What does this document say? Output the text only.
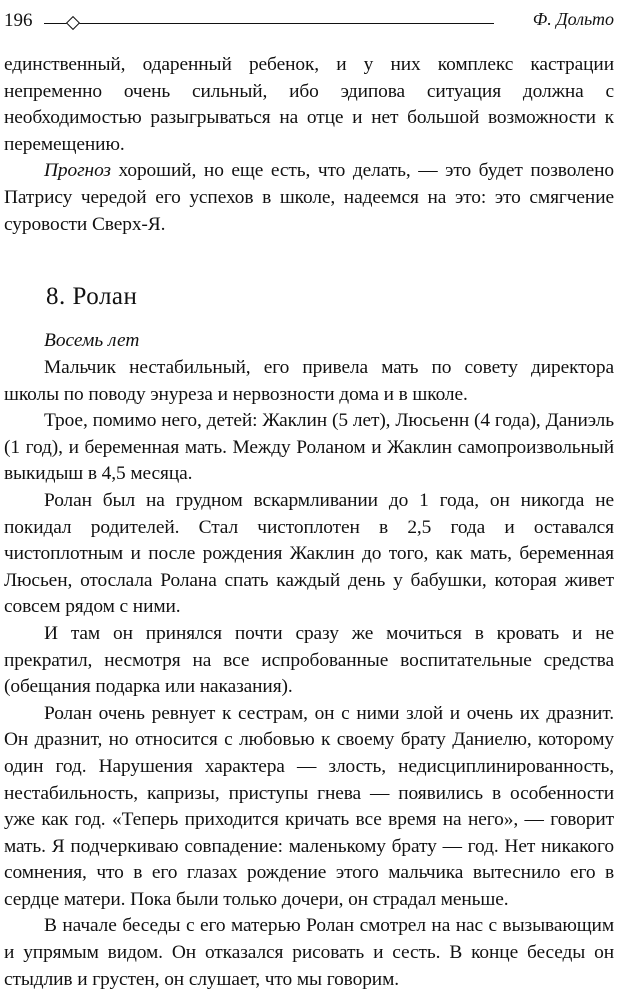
196	Ф. Дольто

единственный, одаренный ребенок, и у них комплекс кастрации непременно очень сильный, ибо эдипова ситуация должна с необходимостью разыгрываться на отце и нет большой возможности к перемещению.

Прогноз хороший, но еще есть, что делать, — это будет позволено Патрису чередой его успехов в школе, надеемся на это: это смягчение суровости Сверх-Я.

8. Ролан
Восемь лет

Мальчик нестабильный, его привела мать по совету директора школы по поводу энуреза и нервозности дома и в школе.

Трое, помимо него, детей: Жаклин (5 лет), Люсьенн (4 года), Даниэль (1 год), и беременная мать. Между Роланом и Жаклин самопроизвольный выкидыш в 4,5 месяца.

Ролан был на грудном вскармливании до 1 года, он никогда не покидал родителей. Стал чистоплотен в 2,5 года и оставался чистоплотным и после рождения Жаклин до того, как мать, беременная Люсьен, отослала Ролана спать каждый день у бабушки, которая живет совсем рядом с ними.

И там он принялся почти сразу же мочиться в кровать и не прекратил, несмотря на все испробованные воспитательные средства (обещания подарка или наказания).

Ролан очень ревнует к сестрам, он с ними злой и очень их дразнит. Он дразнит, но относится с любовью к своему брату Даниелю, которому один год. Нарушения характера — злость, недисциплинированность, нестабильность, капризы, приступы гнева — появились в особенности уже как год. «Теперь приходится кричать все время на него», — говорит мать. Я подчеркиваю совпадение: маленькому брату — год. Нет никакого сомнения, что в его глазах рождение этого мальчика вытеснило его в сердце матери. Пока были только дочери, он страдал меньше.

В начале беседы с его матерью Ролан смотрел на нас с вызывающим и упрямым видом. Он отказался рисовать и сесть. В конце беседы он стыдлив и грустен, он слушает, что мы говорим.
